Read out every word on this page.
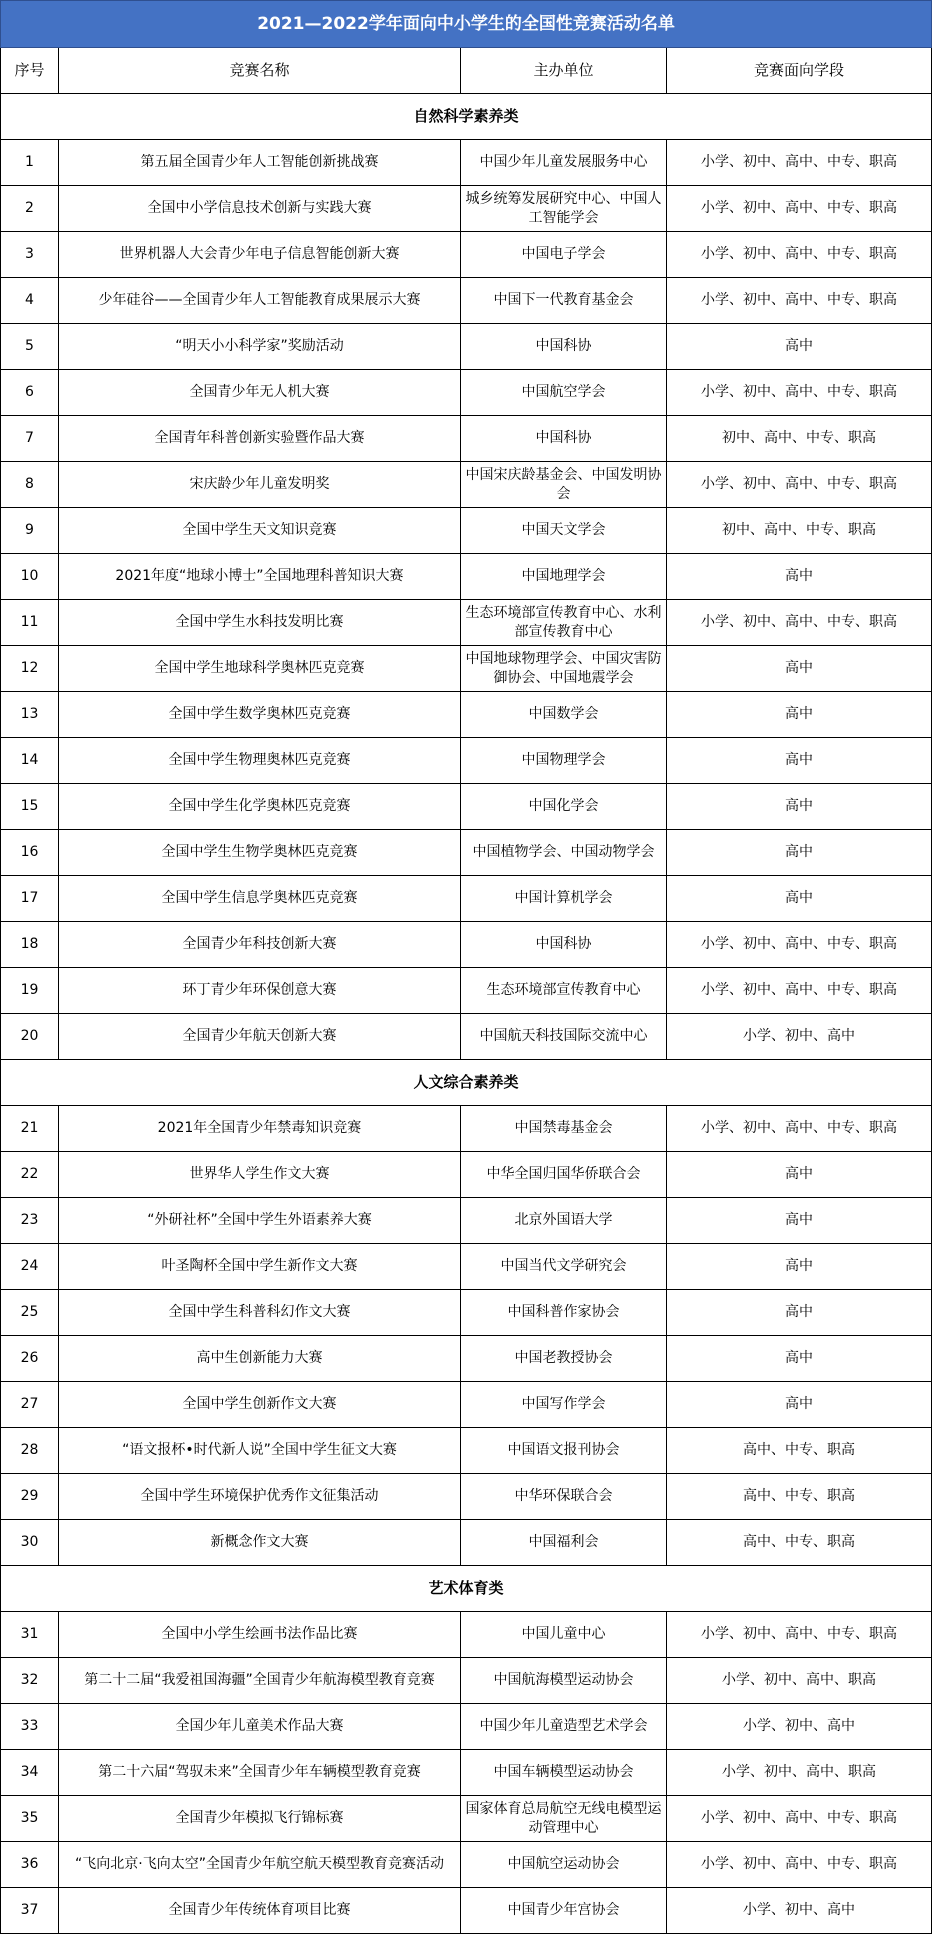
2021—2022学年面向中小学生的全国性竞赛活动名单			
序号	竞赛名称	主办单位	竞赛面向学段
自然科学素养类			
1	第五届全国青少年人工智能创新挑战赛	中国少年儿童发展服务中心	小学、初中、高中、中专、职高
2	全国中小学信息技术创新与实践大赛	城乡统筹发展研究中心、中国人工智能学会	小学、初中、高中、中专、职高
3	世界机器人大会青少年电子信息智能创新大赛	中国电子学会	小学、初中、高中、中专、职高
4	少年硅谷——全国青少年人工智能教育成果展示大赛	中国下一代教育基金会	小学、初中、高中、中专、职高
5	“明天小小科学家”奖励活动	中国科协	高中
6	全国青少年无人机大赛	中国航空学会	小学、初中、高中、中专、职高
7	全国青年科普创新实验暨作品大赛	中国科协	初中、高中、中专、职高
8	宋庆龄少年儿童发明奖	中国宋庆龄基金会、中国发明协会	小学、初中、高中、中专、职高
9	全国中学生天文知识竞赛	中国天文学会	初中、高中、中专、职高
10	2021年度“地球小博士”全国地理科普知识大赛	中国地理学会	高中
11	全国中学生水科技发明比赛	生态环境部宣传教育中心、水利部宣传教育中心	小学、初中、高中、中专、职高
12	全国中学生地球科学奥林匹克竞赛	中国地球物理学会、中国灾害防御协会、中国地震学会	高中
13	全国中学生数学奥林匹克竞赛	中国数学会	高中
14	全国中学生物理奥林匹克竞赛	中国物理学会	高中
15	全国中学生化学奥林匹克竞赛	中国化学会	高中
16	全国中学生生物学奥林匹克竞赛	中国植物学会、中国动物学会	高中
17	全国中学生信息学奥林匹克竞赛	中国计算机学会	高中
18	全国青少年科技创新大赛	中国科协	小学、初中、高中、中专、职高
19	环丁青少年环保创意大赛	生态环境部宣传教育中心	小学、初中、高中、中专、职高
20	全国青少年航天创新大赛	中国航天科技国际交流中心	小学、初中、高中
人文综合素养类			
21	2021年全国青少年禁毒知识竞赛	中国禁毒基金会	小学、初中、高中、中专、职高
22	世界华人学生作文大赛	中华全国归国华侨联合会	高中
23	“外研社杯”全国中学生外语素养大赛	北京外国语大学	高中
24	叶圣陶杯全国中学生新作文大赛	中国当代文学研究会	高中
25	全国中学生科普科幻作文大赛	中国科普作家协会	高中
26	高中生创新能力大赛	中国老教授协会	高中
27	全国中学生创新作文大赛	中国写作学会	高中
28	“语文报杯•时代新人说”全国中学生征文大赛	中国语文报刊协会	高中、中专、职高
29	全国中学生环境保护优秀作文征集活动	中华环保联合会	高中、中专、职高
30	新概念作文大赛	中国福利会	高中、中专、职高
艺术体育类			
31	全国中小学生绘画书法作品比赛	中国儿童中心	小学、初中、高中、中专、职高
32	第二十二届“我爱祖国海疆”全国青少年航海模型教育竞赛	中国航海模型运动协会	小学、初中、高中、职高
33	全国少年儿童美术作品大赛	中国少年儿童造型艺术学会	小学、初中、高中
34	第二十六届“驾驭未来”全国青少年车辆模型教育竞赛	中国车辆模型运动协会	小学、初中、高中、职高
35	全国青少年模拟飞行锦标赛	国家体育总局航空无线电模型运动管理中心	小学、初中、高中、中专、职高
36	“飞向北京·飞向太空”全国青少年航空航天模型教育竞赛活动	中国航空运动协会	小学、初中、高中、中专、职高
37	全国青少年传统体育项目比赛	中国青少年宫协会	小学、初中、高中
